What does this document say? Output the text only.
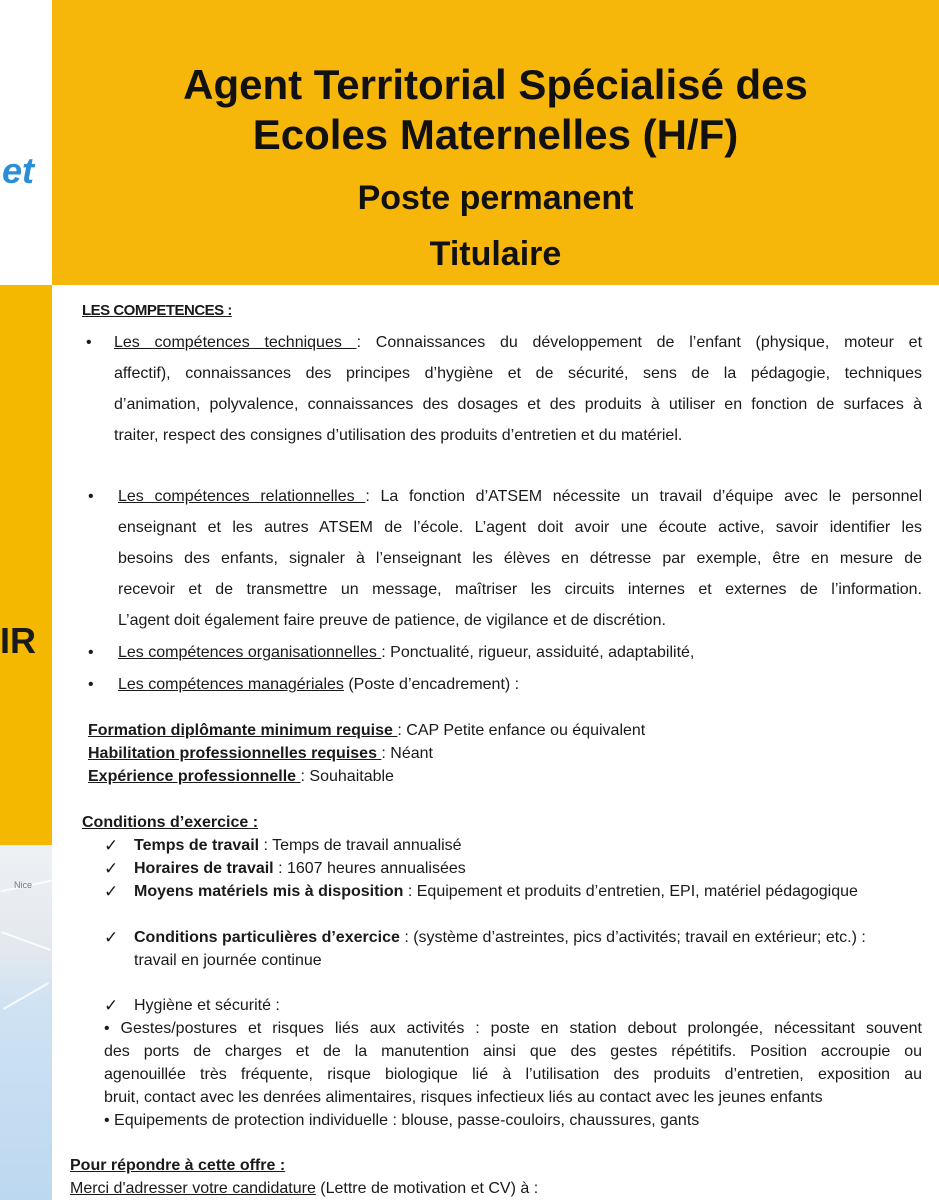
et
IR
Nice
Agent Territorial Spécialisé des Ecoles Maternelles (H/F)
Poste permanent
Titulaire
LES COMPETENCES :
• Les compétences techniques : Connaissances du développement de l’enfant (physique, moteur et
affectif), connaissances des principes d’hygiène et de sécurité, sens de la pédagogie, techniques
d’animation, polyvalence, connaissances des dosages et des produits à utiliser en fonction de surfaces à
traiter, respect des consignes d’utilisation des produits d’entretien et du matériel.
• Les compétences relationnelles : La fonction d’ATSEM nécessite un travail d’équipe avec le personnel
enseignant et les autres ATSEM de l’école. L’agent doit avoir une écoute active, savoir identifier les
besoins des enfants, signaler à l’enseignant les élèves en détresse par exemple, être en mesure de
recevoir et de transmettre un message, maîtriser les circuits internes et externes de l’information.
L’agent doit également faire preuve de patience, de vigilance et de discrétion.
• Les compétences organisationnelles : Ponctualité, rigueur, assiduité, adaptabilité,
• Les compétences managériales (Poste d’encadrement) :
Formation diplômante minimum requise : CAP Petite enfance ou équivalent
Habilitation professionnelles requises : Néant
Expérience professionnelle : Souhaitable
Conditions d’exercice :
✓ Temps de travail : Temps de travail annualisé
✓ Horaires de travail : 1607 heures annualisées
✓ Moyens matériels mis à disposition : Equipement et produits d’entretien, EPI, matériel pédagogique
✓ Conditions particulières d’exercice : (système d’astreintes, pics d’activités; travail en extérieur; etc.) :
travail en journée continue
✓ Hygiène et sécurité :
• Gestes/postures et risques liés aux activités : poste en station debout prolongée, nécessitant souvent
des ports de charges et de la manutention ainsi que des gestes répétitifs. Position accroupie ou
agenouillée très fréquente, risque biologique lié à l’utilisation des produits d’entretien, exposition au
bruit, contact avec les denrées alimentaires, risques infectieux liés au contact avec les jeunes enfants
• Equipements de protection individuelle : blouse, passe-couloirs, chaussures, gants
Pour répondre à cette offre :
Merci d'adresser votre candidature (Lettre de motivation et CV) à :
